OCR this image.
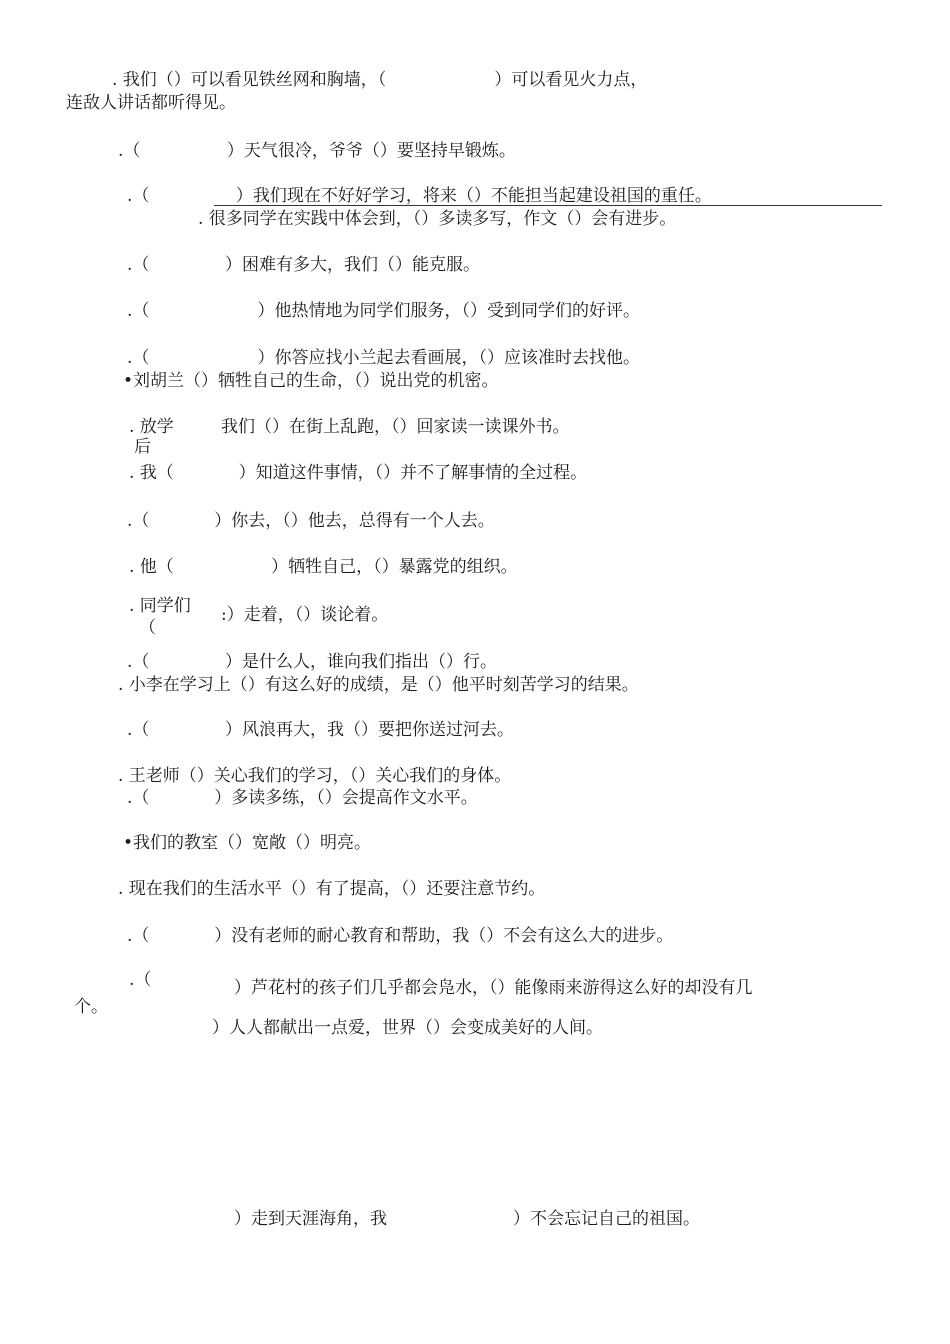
. 我们（）可以看见铁丝网和胸墙，（                    ）可以看见火力点，
连敌人讲话都听得见。
.（                ）天气很冷，爷爷（）要坚持早锻炼。
.（                ）我们现在不好好学习，将来（）不能担当起建设祖国的重任。
. 很多同学在实践中体会到，（）多读多写，作文（）会有进步。
.（              ）困难有多大，我们（）能克服。
.（                    ）他热情地为同学们服务，（）受到同学们的好评。
.（                    ）你答应找小兰起去看画展，（）应该准时去找他。
•刘胡兰（）牺牲自己的生命，（）说出党的机密。
. 放学
后
我们（）在街上乱跑，（）回家读一读课外书。
. 我（            ）知道这件事情，（）并不了解事情的全过程。
.（            ）你去，（）他去，总得有一个人去。
. 他（                  ）牺牲自己，（）暴露党的组织。
. 同学们
（
:）走着，（）谈论着。
.（              ）是什么人，谁向我们指出（）行。
. 小李在学习上（）有这么好的成绩，是（）他平时刻苦学习的结果。
.（              ）风浪再大，我（）要把你送过河去。
. 王老师（）关心我们的学习，（）关心我们的身体。
.（            ）多读多练，（）会提高作文水平。
•我们的教室（）宽敞（）明亮。
. 现在我们的生活水平（）有了提高，（）还要注意节约。
.（            ）没有老师的耐心教育和帮助，我（）不会有这么大的进步。
.（	）芦花村的孩子们几乎都会凫水，（）能像雨来游得这么好的却没有几
个。
）人人都献出一点爱，世界（）会变成美好的人间。
）走到天涯海角，我	）不会忘记自己的祖国。
